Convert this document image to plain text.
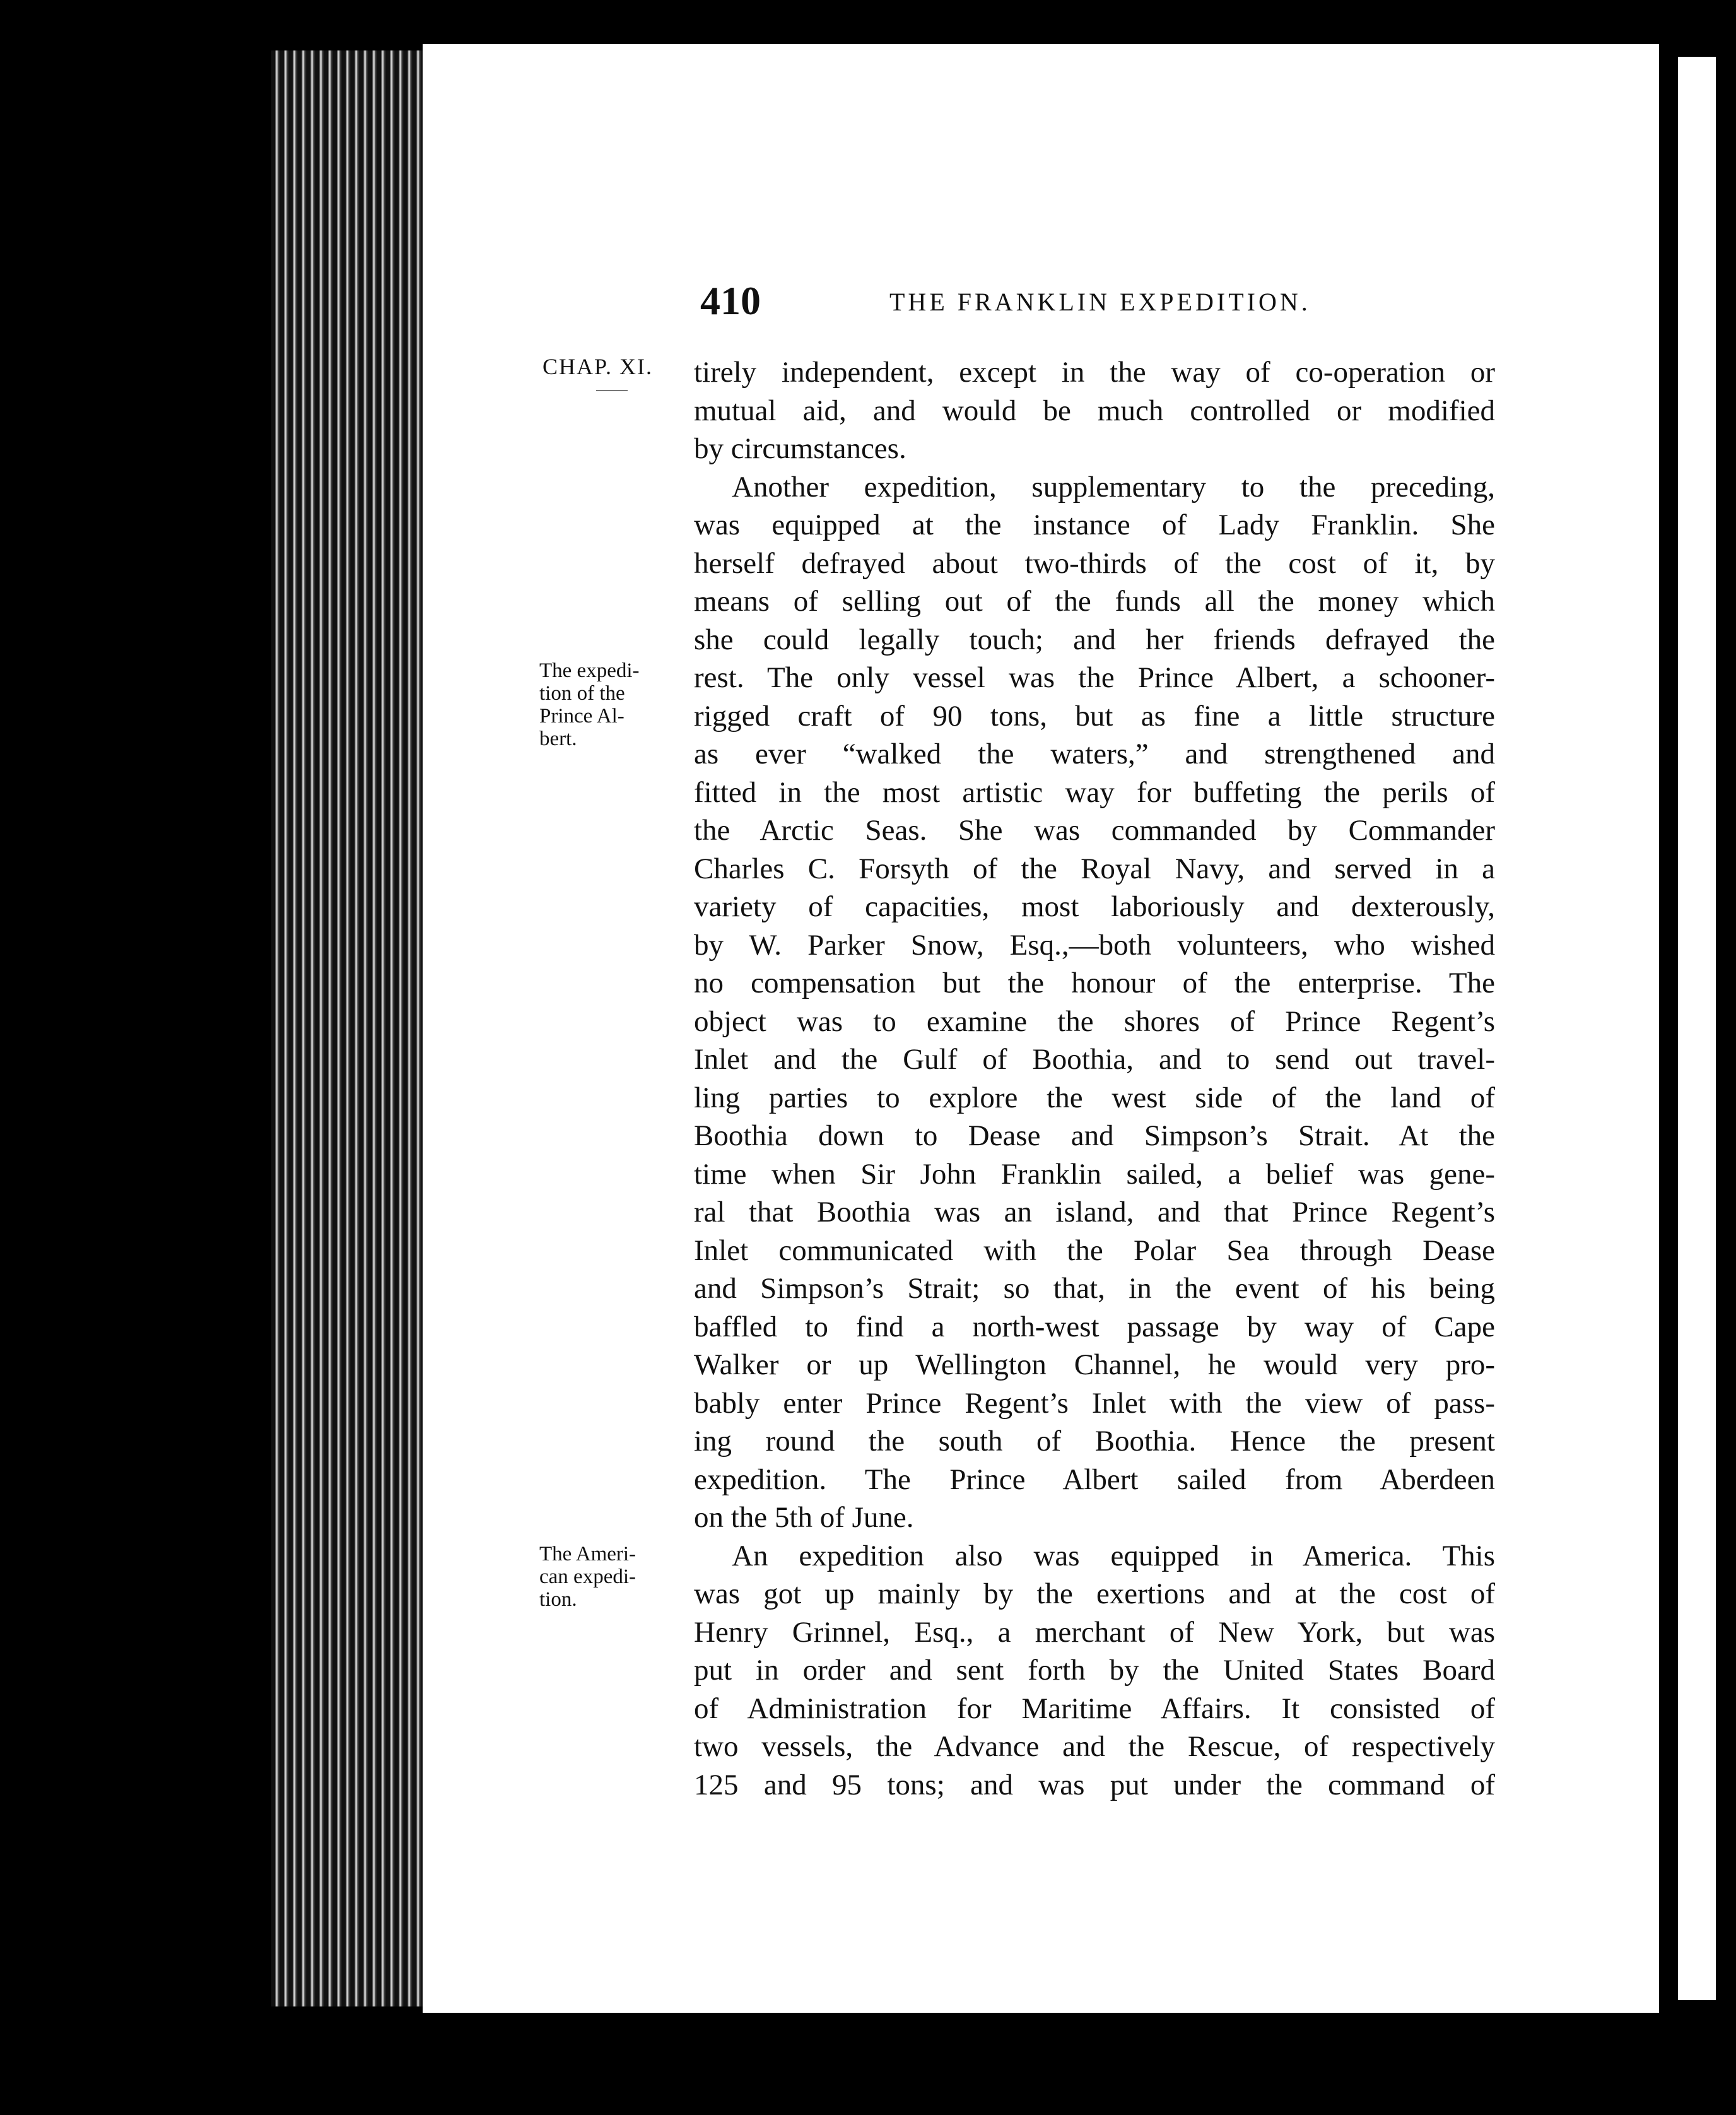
410	THE FRANKLIN EXPEDITION.
CHAP. XI.
The expedi-
tion of the
Prince Al-
bert.
The Ameri-
can expedi-
tion.
tirely independent, except in the way of co-operation or
mutual aid, and would be much controlled or modified
by circumstances.
Another expedition, supplementary to the preceding,
was equipped at the instance of Lady Franklin. She
herself defrayed about two-thirds of the cost of it, by
means of selling out of the funds all the money which
she could legally touch; and her friends defrayed the
rest. The only vessel was the Prince Albert, a schooner-
rigged craft of 90 tons, but as fine a little structure
as ever “walked the waters,” and strengthened and
fitted in the most artistic way for buffeting the perils of
the Arctic Seas. She was commanded by Commander
Charles C. Forsyth of the Royal Navy, and served in a
variety of capacities, most laboriously and dexterously,
by W. Parker Snow, Esq.,—both volunteers, who wished
no compensation but the honour of the enterprise. The
object was to examine the shores of Prince Regent’s
Inlet and the Gulf of Boothia, and to send out travel-
ling parties to explore the west side of the land of
Boothia down to Dease and Simpson’s Strait. At the
time when Sir John Franklin sailed, a belief was gene-
ral that Boothia was an island, and that Prince Regent’s
Inlet communicated with the Polar Sea through Dease
and Simpson’s Strait; so that, in the event of his being
baffled to find a north-west passage by way of Cape
Walker or up Wellington Channel, he would very pro-
bably enter Prince Regent’s Inlet with the view of pass-
ing round the south of Boothia. Hence the present
expedition. The Prince Albert sailed from Aberdeen
on the 5th of June.
An expedition also was equipped in America. This
was got up mainly by the exertions and at the cost of
Henry Grinnel, Esq., a merchant of New York, but was
put in order and sent forth by the United States Board
of Administration for Maritime Affairs. It consisted of
two vessels, the Advance and the Rescue, of respectively
125 and 95 tons; and was put under the command of
